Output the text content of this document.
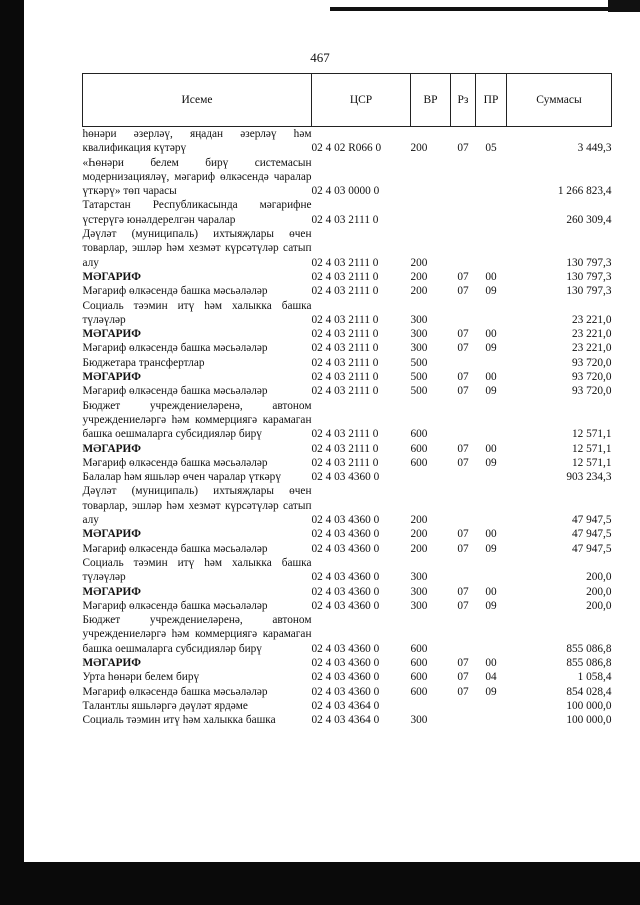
467
Исеме	ЦСР	ВР	Рз	ПР	Суммасы
һөнәри әзерләү, яңадан әзерләү һәм квалификация күтәрү	02 4 02 R066 0	200	07	05	3 449,3
«Һөнәри белем бирү системасын модернизацияләү, мәгариф өлкәсендә чаралар үткәрү» төп чарасы	02 4 03 0000 0				1 266 823,4
Татарстан Республикасында мәгарифне үстерүгә юнәлдерелгән чаралар	02 4 03 2111 0				260 309,4
Дәүләт (муниципаль) ихтыяҗлары өчен товарлар, эшләр һәм хезмәт күрсәтүләр сатып алу	02 4 03 2111 0	200			130 797,3
МӘГАРИФ	02 4 03 2111 0	200	07	00	130 797,3
Мәгариф өлкәсендә башка мәсьәләләр	02 4 03 2111 0	200	07	09	130 797,3
Социаль тәэмин итү һәм халыкка башка түләүләр	02 4 03 2111 0	300			23 221,0
МӘГАРИФ	02 4 03 2111 0	300	07	00	23 221,0
Мәгариф өлкәсендә башка мәсьәләләр	02 4 03 2111 0	300	07	09	23 221,0
Бюджетара трансфертлар	02 4 03 2111 0	500			93 720,0
МӘГАРИФ	02 4 03 2111 0	500	07	00	93 720,0
Мәгариф өлкәсендә башка мәсьәләләр	02 4 03 2111 0	500	07	09	93 720,0
Бюджет учреждениеләренә, автоном учреждениеләргә һәм коммерциягә карамаган башка оешмаларга субсидияләр бирү	02 4 03 2111 0	600			12 571,1
МӘГАРИФ	02 4 03 2111 0	600	07	00	12 571,1
Мәгариф өлкәсендә башка мәсьәләләр	02 4 03 2111 0	600	07	09	12 571,1
Балалар һәм яшьләр өчен чаралар үткәрү	02 4 03 4360 0				903 234,3
Дәүләт (муниципаль) ихтыяҗлары өчен товарлар, эшләр һәм хезмәт күрсәтүләр сатып алу	02 4 03 4360 0	200			47 947,5
МӘГАРИФ	02 4 03 4360 0	200	07	00	47 947,5
Мәгариф өлкәсендә башка мәсьәләләр	02 4 03 4360 0	200	07	09	47 947,5
Социаль тәэмин итү һәм халыкка башка түләүләр	02 4 03 4360 0	300			200,0
МӘГАРИФ	02 4 03 4360 0	300	07	00	200,0
Мәгариф өлкәсендә башка мәсьәләләр	02 4 03 4360 0	300	07	09	200,0
Бюджет учреждениеләренә, автоном учреждениеләргә һәм коммерциягә карамаган башка оешмаларга субсидияләр бирү	02 4 03 4360 0	600			855 086,8
МӘГАРИФ	02 4 03 4360 0	600	07	00	855 086,8
Урта һөнәри белем бирү	02 4 03 4360 0	600	07	04	1 058,4
Мәгариф өлкәсендә башка мәсьәләләр	02 4 03 4360 0	600	07	09	854 028,4
Талантлы яшьләргә дәүләт ярдәме	02 4 03 4364 0				100 000,0
Социаль тәэмин итү һәм халыкка башка	02 4 03 4364 0	300			100 000,0
